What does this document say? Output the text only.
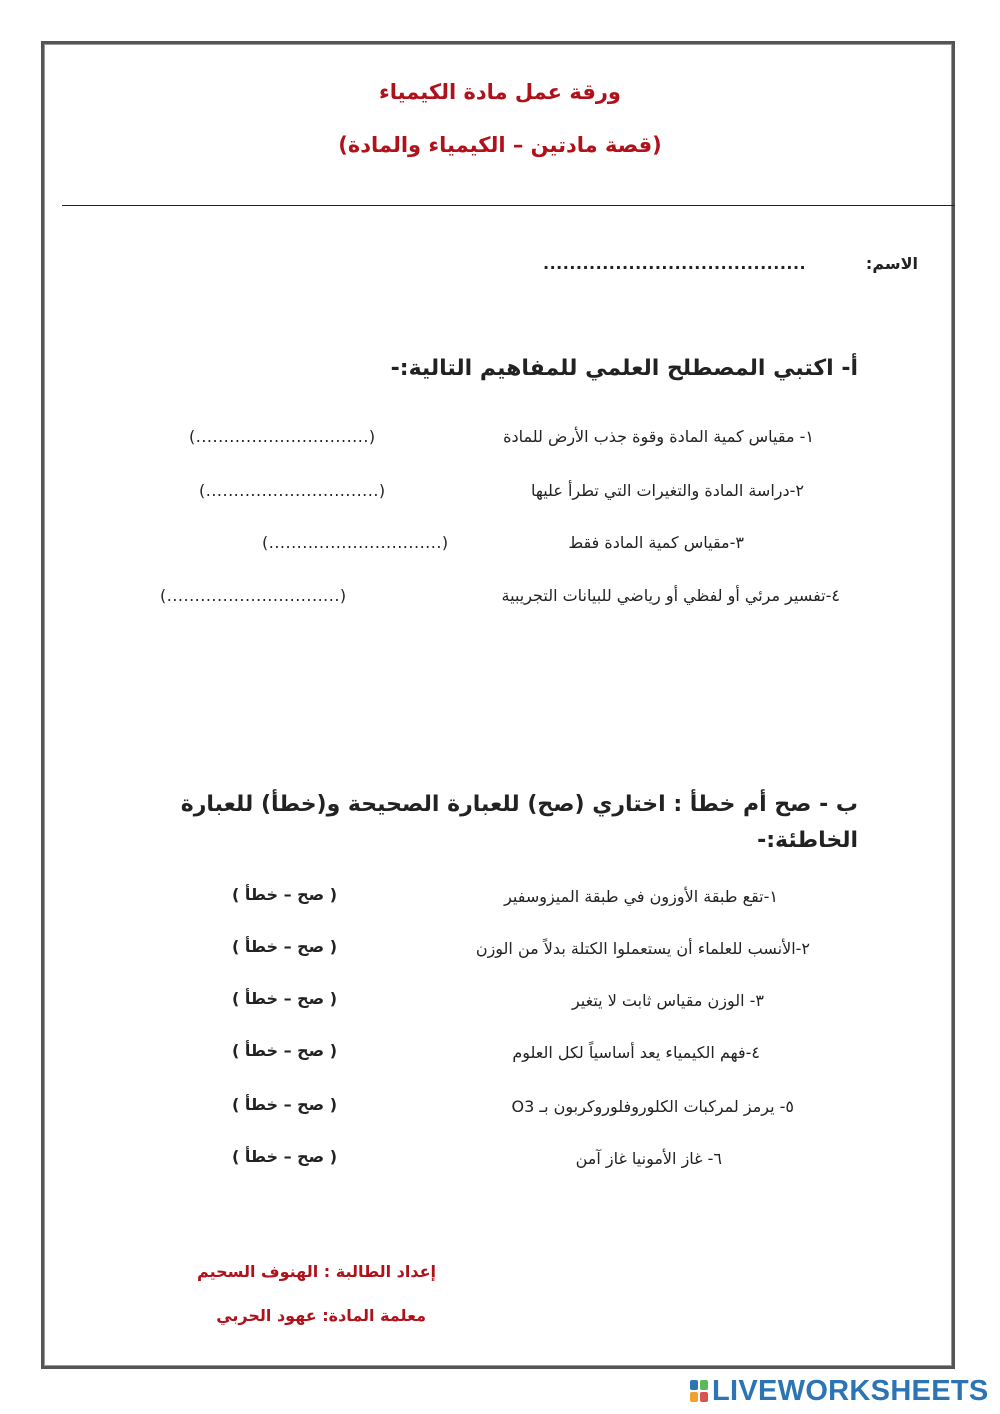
ورقة عمل مادة الكيمياء
(قصة مادتين – الكيمياء والمادة)
الاسم:
........................................
أ- اكتبي المصطلح العلمي للمفاهيم التالية:-
١- مقياس كمية المادة وقوة جذب الأرض للمادة
(...............................)
٢-دراسة المادة والتغيرات التي تطرأ عليها
(...............................)
٣-مقياس كمية المادة فقط
(...............................)
٤-تفسير مرئي أو لفظي أو رياضي للبيانات التجريبية
(...............................)
ب - صح أم خطأ : اختاري (صح) للعبارة الصحيحة و(خطأ) للعبارة
الخاطئة:-
١-تقع طبقة الأوزون في طبقة الميزوسفير
( صح – خطأ )
٢-الأنسب للعلماء أن يستعملوا الكتلة بدلاً من الوزن
( صح – خطأ )
٣- الوزن مقياس ثابت لا يتغير
( صح – خطأ )
٤-فهم الكيمياء يعد أساسياً لكل العلوم
( صح – خطأ )
٥- يرمز لمركبات الكلوروفلوروكربون بـ O3
( صح – خطأ )
٦- غاز الأمونيا غاز آمن
( صح – خطأ )
إعداد الطالبة : الهنوف السحيم
معلمة المادة: عهود الحربي
LIVEWORKSHEETS
